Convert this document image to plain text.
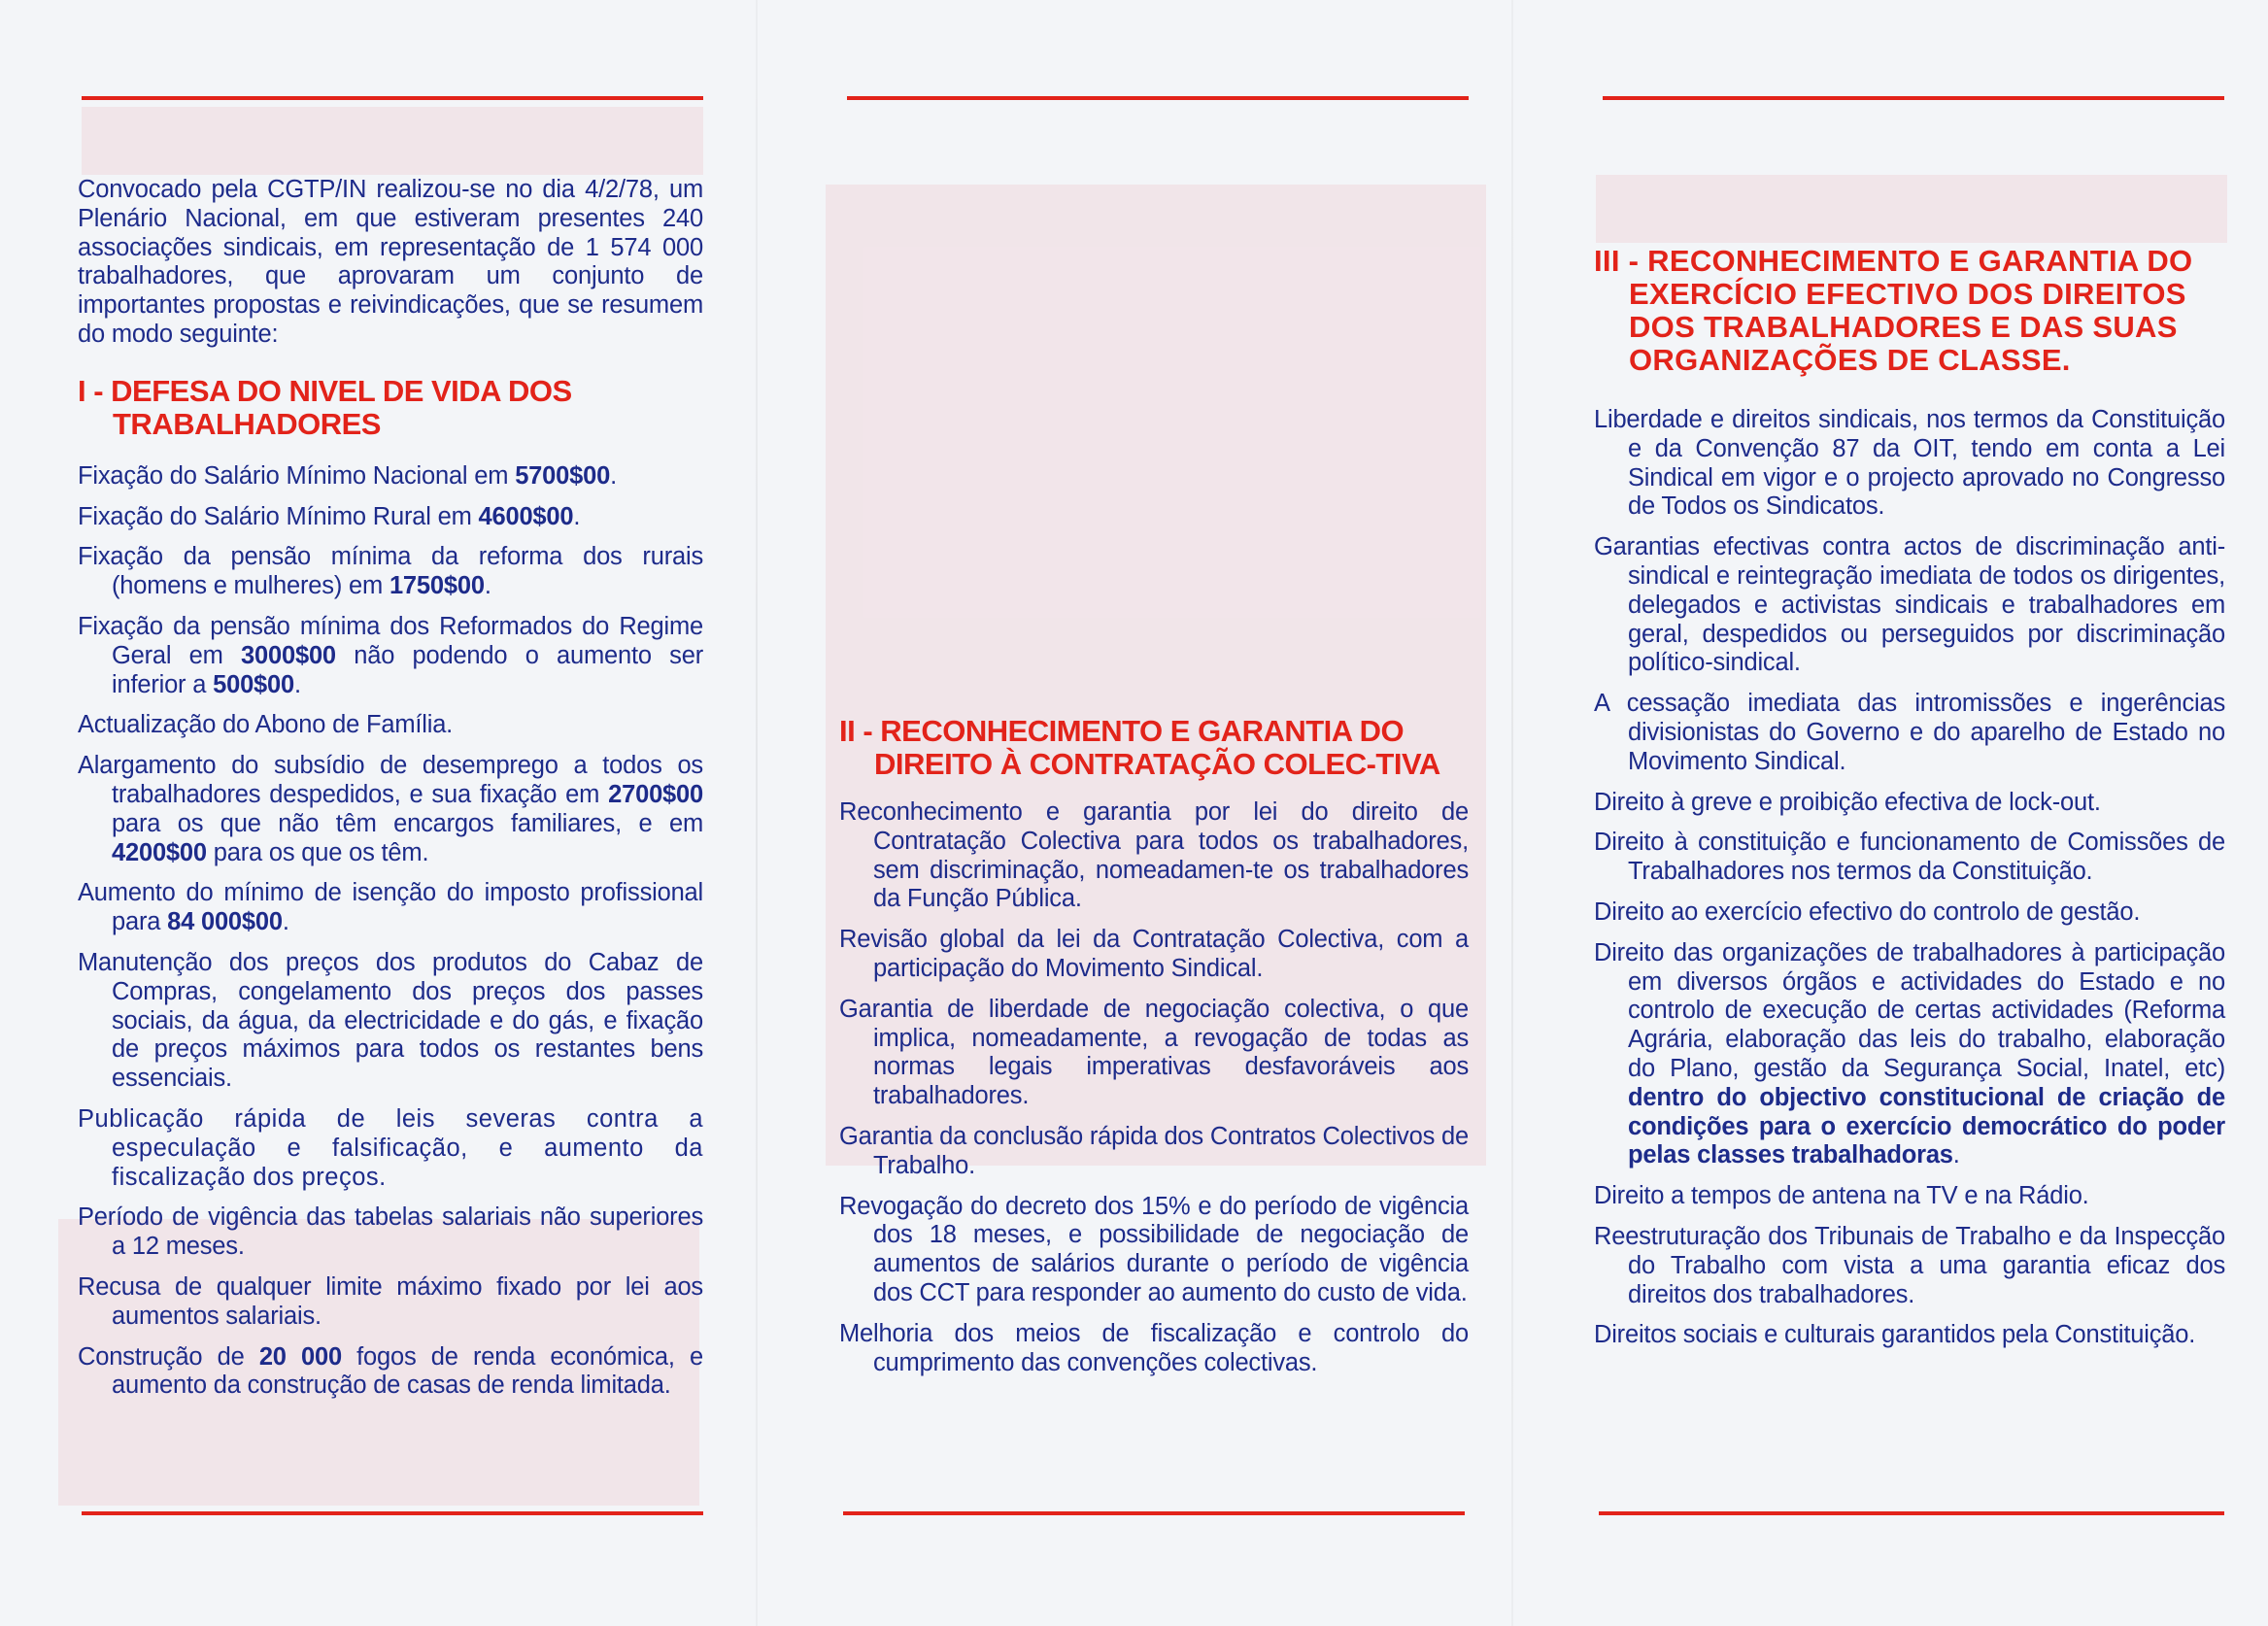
Convocado pela CGTP/IN realizou-se no dia 4/2/78, um Plenário Nacional, em que estiveram presentes 240 associações sindicais, em representação de 1 574 000 trabalhadores, que aprovaram um conjunto de importantes propostas e reivindicações, que se resumem do modo seguinte:

I - DEFESA DO NIVEL DE VIDA DOS TRABALHADORES

Fixação do Salário Mínimo Nacional em 5700$00.

Fixação do Salário Mínimo Rural em 4600$00.

Fixação da pensão mínima da reforma dos rurais (homens e mulheres) em 1750$00.

Fixação da pensão mínima dos Reformados do Regime Geral em 3000$00 não podendo o aumento ser inferior a 500$00.

Actualização do Abono de Família.

Alargamento do subsídio de desemprego a todos os trabalhadores despedidos, e sua fixação em 2700$00 para os que não têm encargos familiares, e em 4200$00 para os que os têm.

Aumento do mínimo de isenção do imposto profissional para 84 000$00.

Manutenção dos preços dos produtos do Cabaz de Compras, congelamento dos preços dos passes sociais, da água, da electricidade e do gás, e fixação de preços máximos para todos os restantes bens essenciais.

Publicação rápida de leis severas contra a especulação e falsificação, e aumento da fiscalização dos preços.

Período de vigência das tabelas salariais não superiores a 12 meses.

Recusa de qualquer limite máximo fixado por lei aos aumentos salariais.

Construção de 20 000 fogos de renda económica, e aumento da construção de casas de renda limitada.

II - RECONHECIMENTO E GARANTIA DO DIREITO À CONTRATAÇÃO COLEC-TIVA

Reconhecimento e garantia por lei do direito de Contratação Colectiva para todos os trabalhadores, sem discriminação, nomeadamen-te os trabalhadores da Função Pública.

Revisão global da lei da Contratação Colectiva, com a participação do Movimento Sindical.

Garantia de liberdade de negociação colectiva, o que implica, nomeadamente, a revogação de todas as normas legais imperativas desfavoráveis aos trabalhadores.

Garantia da conclusão rápida dos Contratos Colectivos de Trabalho.

Revogação do decreto dos 15% e do período de vigência dos 18 meses, e possibilidade de negociação de aumentos de salários durante o período de vigência dos CCT para responder ao aumento do custo de vida.

Melhoria dos meios de fiscalização e controlo do cumprimento das convenções colectivas.

III - RECONHECIMENTO E GARANTIA DO EXERCÍCIO EFECTIVO DOS DIREITOS DOS TRABALHADORES E DAS SUAS ORGANIZAÇÕES DE CLASSE.

Liberdade e direitos sindicais, nos termos da Constituição e da Convenção 87 da OIT, tendo em conta a Lei Sindical em vigor e o projecto aprovado no Congresso de Todos os Sindicatos.

Garantias efectivas contra actos de discriminação anti-sindical e reintegração imediata de todos os dirigentes, delegados e activistas sindicais e trabalhadores em geral, despedidos ou perseguidos por discriminação político-sindical.

A cessação imediata das intromissões e ingerências divisionistas do Governo e do aparelho de Estado no Movimento Sindical.

Direito à greve e proibição efectiva de lock-out.

Direito à constituição e funcionamento de Comissões de Trabalhadores nos termos da Constituição.

Direito ao exercício efectivo do controlo de gestão.

Direito das organizações de trabalhadores à participação em diversos órgãos e actividades do Estado e no controlo de execução de certas actividades (Reforma Agrária, elaboração das leis do trabalho, elaboração do Plano, gestão da Segurança Social, Inatel, etc) dentro do objectivo constitucional de criação de condições para o exercício democrático do poder pelas classes trabalhadoras.

Direito a tempos de antena na TV e na Rádio.

Reestruturação dos Tribunais de Trabalho e da Inspecção do Trabalho com vista a uma garantia eficaz dos direitos dos trabalhadores.

Direitos sociais e culturais garantidos pela Constituição.
